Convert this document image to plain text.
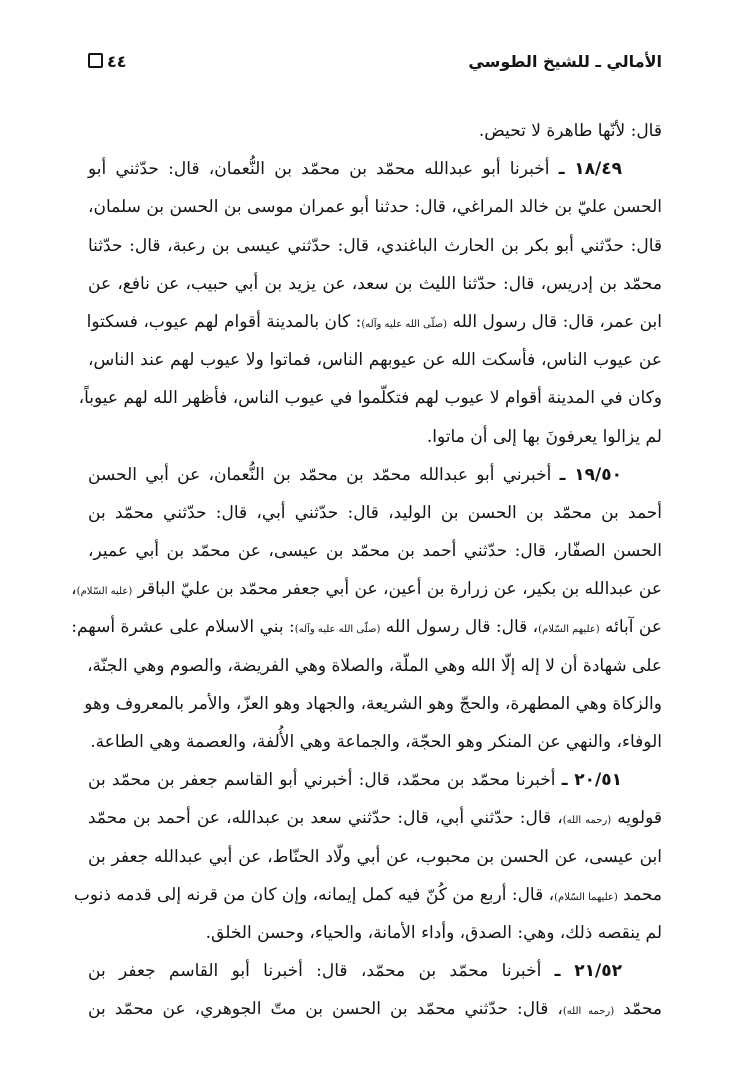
الأمالي ـ للشيخ الطوسي
٤٤
قال: لأنّها طاهرة لا تحيض.
١٨/٤٩ ـ أخبرنا أبو عبدالله محمّد بن محمّد بن النُّعمان، قال: حدّثني أبو
الحسن عليّ بن خالد المراغي، قال: حدثنا أبو عمران موسى بن الحسن بن سلمان،
قال: حدّثني أبو بكر بن الحارث الباغندي، قال: حدّثني عيسى بن رعبة، قال: حدّثنا
محمّد بن إدريس، قال: حدّثنا الليث بن سعد، عن يزيد بن أبي حبيب، عن نافع، عن
ابن عمر، قال: قال رسول الله (صلّى الله عليه وآله): كان بالمدينة أقوام لهم عيوب، فسكتوا
عن عيوب الناس، فأسكت الله عن عيوبهم الناس، فماتوا ولا عيوب لهم عند الناس،
وكان في المدينة أقوام لا عيوب لهم فتكلّموا في عيوب الناس، فأظهر الله لهم عيوباً،
لم يزالوا يعرفونَ بها إلى أن ماتوا.
١٩/٥٠ ـ أخبرني أبو عبدالله محمّد بن محمّد بن النُّعمان، عن أبي الحسن
أحمد بن محمّد بن الحسن بن الوليد، قال: حدّثني أبي، قال: حدّثني محمّد بن
الحسن الصفّار، قال: حدّثني أحمد بن محمّد بن عيسى، عن محمّد بن أبي عمير،
عن عبدالله بن بكير، عن زرارة بن أعين، عن أبي جعفر محمّد بن عليّ الباقر (عليه السّلام)،
عن آبائه (عليهم السّلام)، قال: قال رسول الله (صلّى الله عليه وآله): بني الاسلام على عشرة أسهم:
على شهادة أن لا إله إلّا الله وهي الملّة، والصلاة وهي الفريضة، والصوم وهي الجنّة،
والزكاة وهي المطهرة، والحجّ وهو الشريعة، والجهاد وهو العزّ، والأمر بالمعروف وهو
الوفاء، والنهي عن المنكر وهو الحجّة، والجماعة وهي الأُلفة، والعصمة وهي الطاعة.
٢٠/٥١ ـ أخبرنا محمّد بن محمّد، قال: أخبرني أبو القاسم جعفر بن محمّد بن
قولويه (رحمه الله)، قال: حدّثني أبي، قال: حدّثني سعد بن عبدالله، عن أحمد بن محمّد
ابن عيسى، عن الحسن بن محبوب، عن أبي ولّاد الحنّاط، عن أبي عبدالله جعفر بن
محمد (عليهما السّلام)، قال: أربع من كُنّ فيه كمل إيمانه، وإن كان من قرنه إلى قدمه ذنوب
لم ينقصه ذلك، وهي: الصدق، وأداء الأمانة، والحياء، وحسن الخلق.
٢١/٥٢ ـ أخبرنا محمّد بن محمّد، قال: أخبرنا أبو القاسم جعفر بن
محمّد (رحمه الله)، قال: حدّثني محمّد بن الحسن بن متّ الجوهري، عن محمّد بن
